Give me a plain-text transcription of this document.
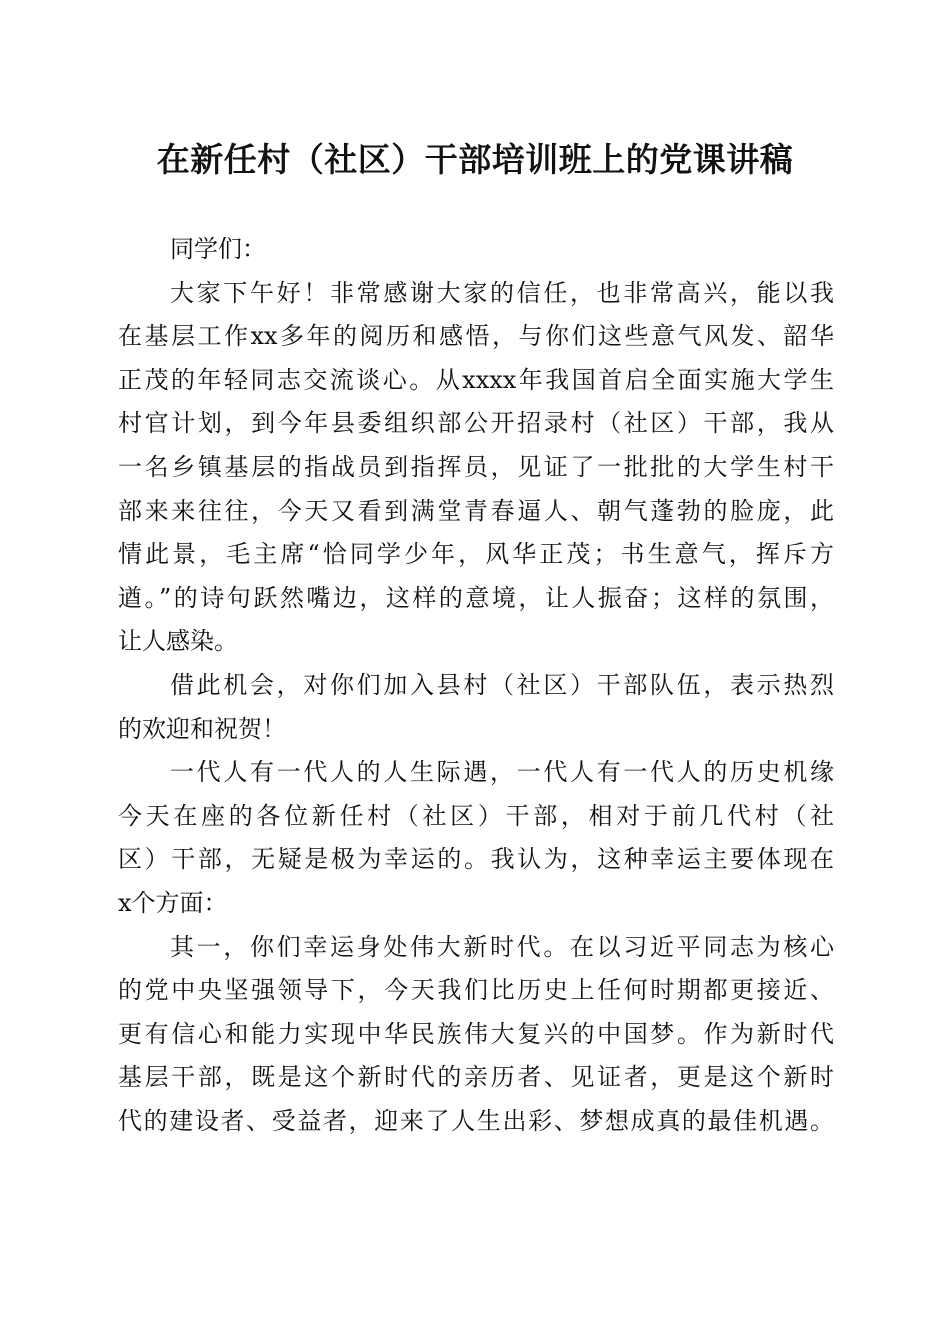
在新任村（社区）干部培训班上的党课讲稿
同学们：
大家下午好！非常感谢大家的信任，也非常高兴，能以我
在基层工作xx多年的阅历和感悟，与你们这些意气风发、韶华
正茂的年轻同志交流谈心。从xxxx年我国首启全面实施大学生
村官计划，到今年县委组织部公开招录村（社区）干部，我从
一名乡镇基层的指战员到指挥员，见证了一批批的大学生村干
部来来往往，今天又看到满堂青春逼人、朝气蓬勃的脸庞，此
情此景，毛主席“恰同学少年，风华正茂；书生意气，挥斥方
遒。”的诗句跃然嘴边，这样的意境，让人振奋；这样的氛围，
让人感染。
借此机会，对你们加入县村（社区）干部队伍，表示热烈
的欢迎和祝贺！
一代人有一代人的人生际遇，一代人有一代人的历史机缘
今天在座的各位新任村（社区）干部，相对于前几代村（社
区）干部，无疑是极为幸运的。我认为，这种幸运主要体现在
x个方面：
其一，你们幸运身处伟大新时代。在以习近平同志为核心
的党中央坚强领导下，今天我们比历史上任何时期都更接近、
更有信心和能力实现中华民族伟大复兴的中国梦。作为新时代
基层干部，既是这个新时代的亲历者、见证者，更是这个新时
代的建设者、受益者，迎来了人生出彩、梦想成真的最佳机遇。
